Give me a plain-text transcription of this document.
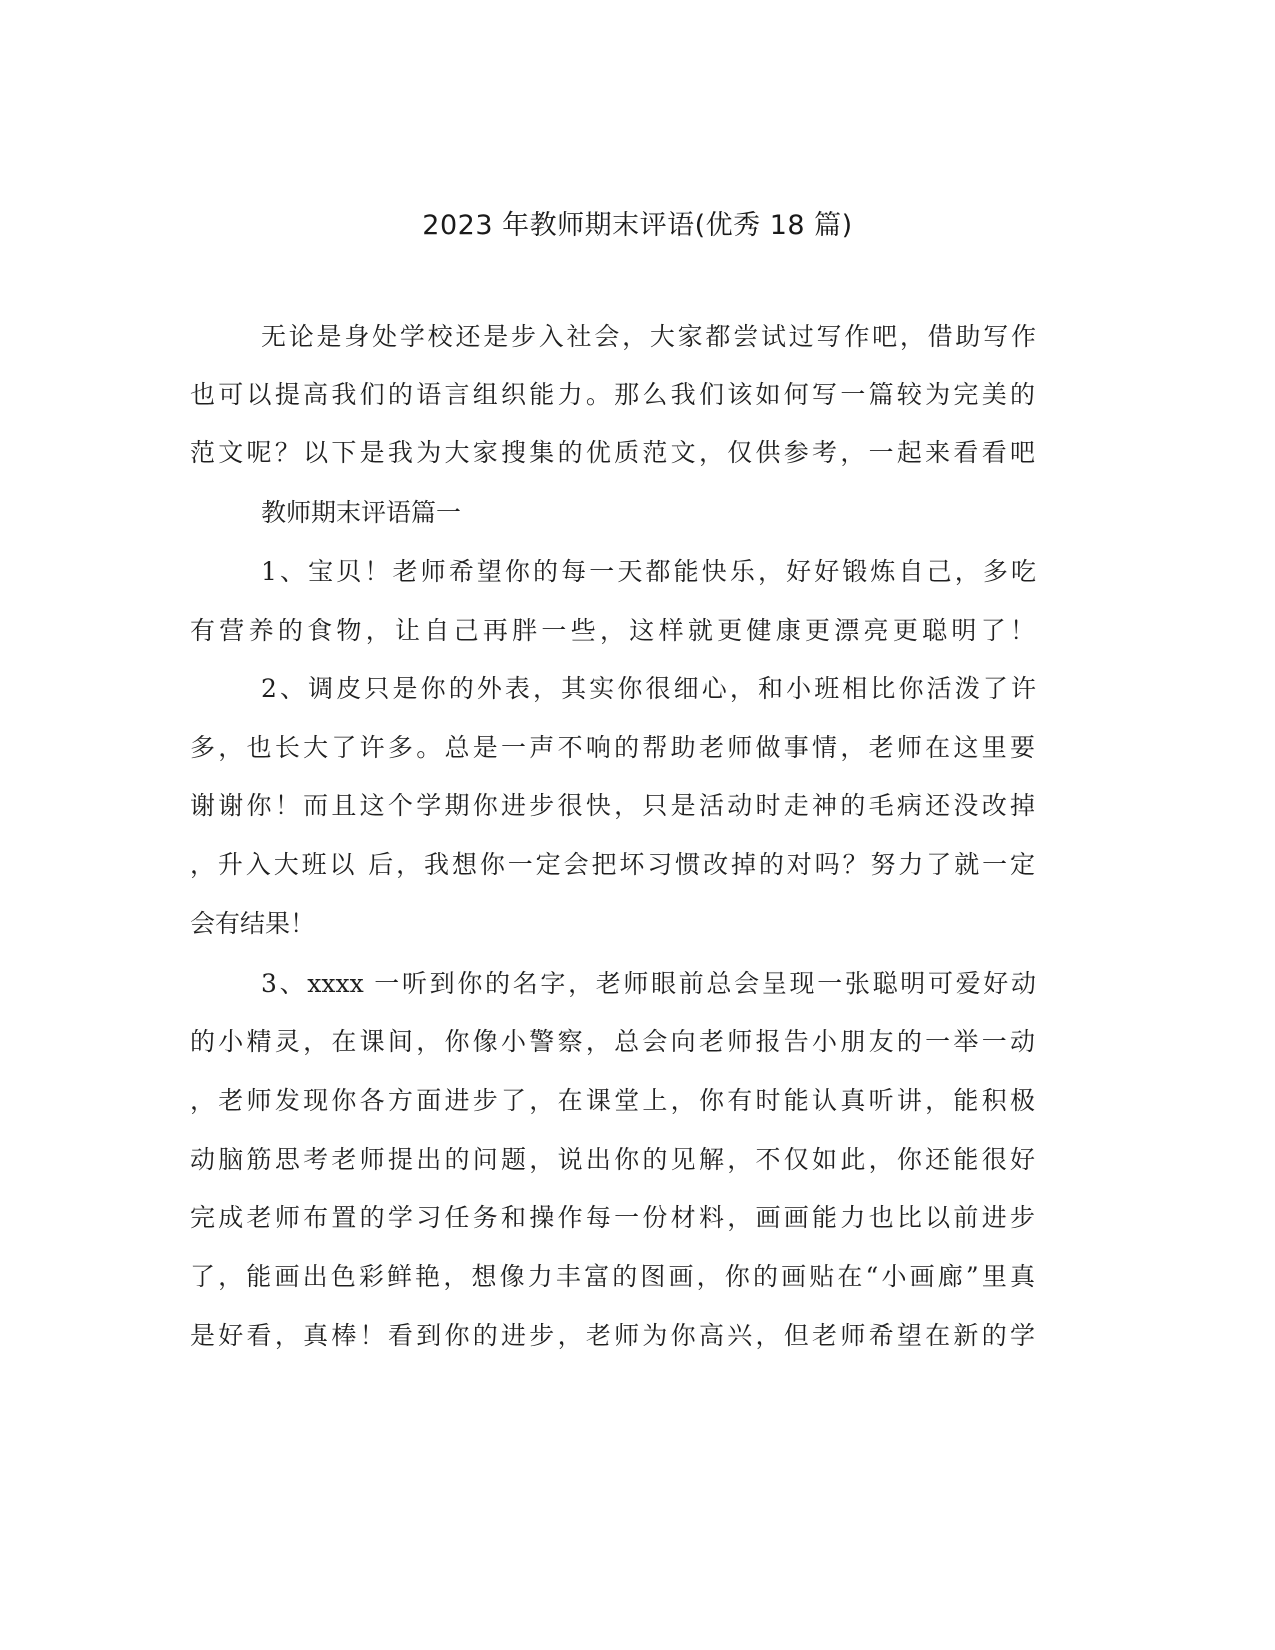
2023 年教师期末评语(优秀 18 篇)
无论是身处学校还是步入社会，大家都尝试过写作吧，借助写作
也可以提高我们的语言组织能力。那么我们该如何写一篇较为完美的
范文呢？以下是我为大家搜集的优质范文，仅供参考，一起来看看吧
教师期末评语篇一
1、宝贝！老师希望你的每一天都能快乐，好好锻炼自己，多吃
有营养的食物，让自己再胖一些，这样就更健康更漂亮更聪明了！
2、调皮只是你的外表，其实你很细心，和小班相比你活泼了许
多，也长大了许多。总是一声不响的帮助老师做事情，老师在这里要
谢谢你！而且这个学期你进步很快，只是活动时走神的毛病还没改掉
，升入大班以 后，我想你一定会把坏习惯改掉的对吗？努力了就一定
会有结果！
3、xxxx 一听到你的名字，老师眼前总会呈现一张聪明可爱好动
的小精灵，在课间，你像小警察，总会向老师报告小朋友的一举一动
，老师发现你各方面进步了，在课堂上，你有时能认真听讲，能积极
动脑筋思考老师提出的问题，说出你的见解，不仅如此，你还能很好
完成老师布置的学习任务和操作每一份材料，画画能力也比以前进步
了，能画出色彩鲜艳，想像力丰富的图画，你的画贴在“小画廊”里真
是好看，真棒！看到你的进步，老师为你高兴，但老师希望在新的学
